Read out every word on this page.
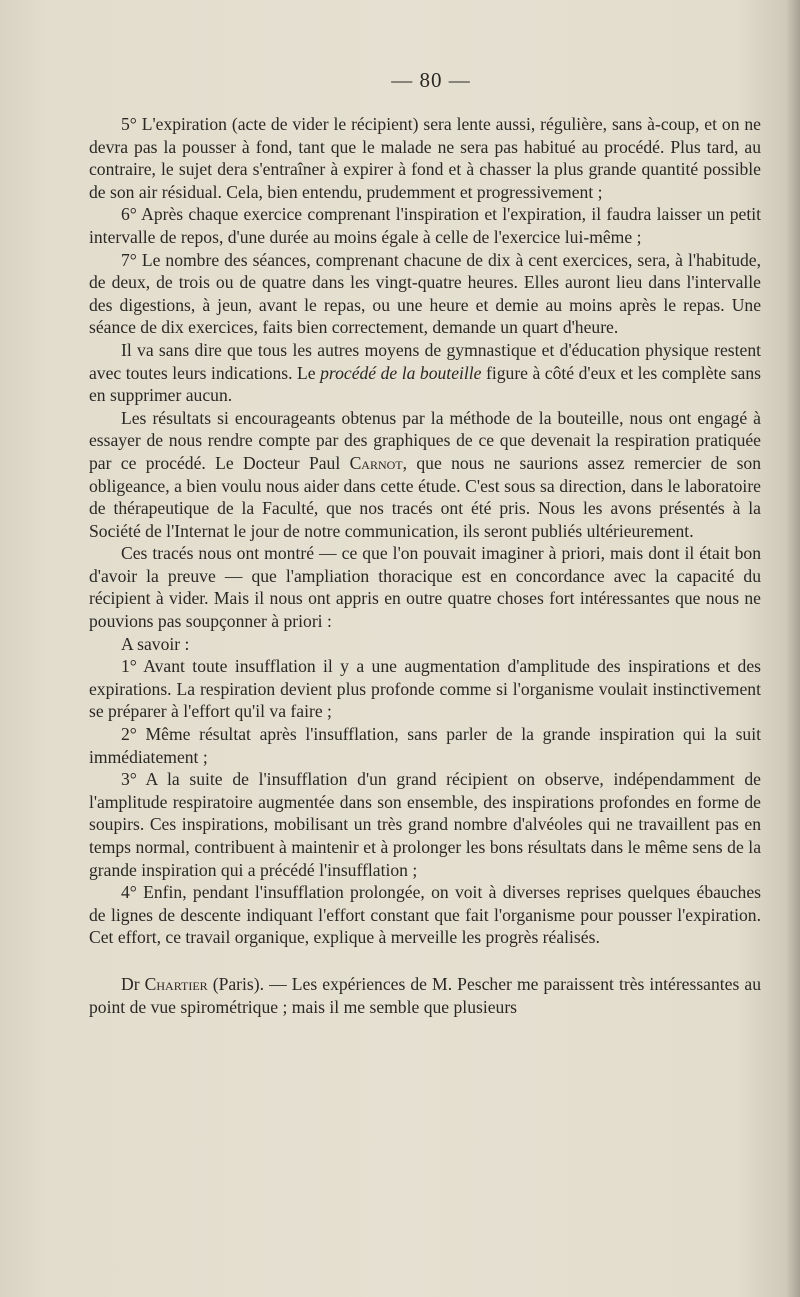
— 80 —

5° L'expiration (acte de vider le récipient) sera lente aussi, régulière, sans à-coup, et on ne devra pas la pousser à fond, tant que le malade ne sera pas habitué au procédé. Plus tard, au contraire, le sujet dera s'entraîner à expirer à fond et à chasser la plus grande quantité possible de son air résidual. Cela, bien entendu, prudemment et progressivement ;

6° Après chaque exercice comprenant l'inspiration et l'expiration, il faudra laisser un petit intervalle de repos, d'une durée au moins égale à celle de l'exercice lui-même ;

7° Le nombre des séances, comprenant chacune de dix à cent exercices, sera, à l'habitude, de deux, de trois ou de quatre dans les vingt-quatre heures. Elles auront lieu dans l'intervalle des digestions, à jeun, avant le repas, ou une heure et demie au moins après le repas. Une séance de dix exercices, faits bien correctement, demande un quart d'heure.

Il va sans dire que tous les autres moyens de gymnastique et d'éducation physique restent avec toutes leurs indications. Le procédé de la bouteille figure à côté d'eux et les complète sans en supprimer aucun.

Les résultats si encourageants obtenus par la méthode de la bouteille, nous ont engagé à essayer de nous rendre compte par des graphiques de ce que devenait la respiration pratiquée par ce procédé. Le Docteur Paul Carnot, que nous ne saurions assez remercier de son obligeance, a bien voulu nous aider dans cette étude. C'est sous sa direction, dans le laboratoire de thérapeutique de la Faculté, que nos tracés ont été pris. Nous les avons présentés à la Société de l'Internat le jour de notre communication, ils seront publiés ultérieurement.

Ces tracés nous ont montré — ce que l'on pouvait imaginer à priori, mais dont il était bon d'avoir la preuve — que l'ampliation thoracique est en concordance avec la capacité du récipient à vider. Mais il nous ont appris en outre quatre choses fort intéressantes que nous ne pouvions pas soupçonner à priori :

A savoir :

1° Avant toute insufflation il y a une augmentation d'amplitude des inspirations et des expirations. La respiration devient plus profonde comme si l'organisme voulait instinctivement se préparer à l'effort qu'il va faire ;

2° Même résultat après l'insufflation, sans parler de la grande inspiration qui la suit immédiatement ;

3° A la suite de l'insufflation d'un grand récipient on observe, indépendamment de l'amplitude respiratoire augmentée dans son ensemble, des inspirations profondes en forme de soupirs. Ces inspirations, mobilisant un très grand nombre d'alvéoles qui ne travaillent pas en temps normal, contribuent à maintenir et à prolonger les bons résultats dans le même sens de la grande inspiration qui a précédé l'insufflation ;

4° Enfin, pendant l'insufflation prolongée, on voit à diverses reprises quelques ébauches de lignes de descente indiquant l'effort constant que fait l'organisme pour pousser l'expiration. Cet effort, ce travail organique, explique à merveille les progrès réalisés.

Dr Chartier (Paris). — Les expériences de M. Pescher me paraissent très intéressantes au point de vue spirométrique ; mais il me semble que plusieurs
